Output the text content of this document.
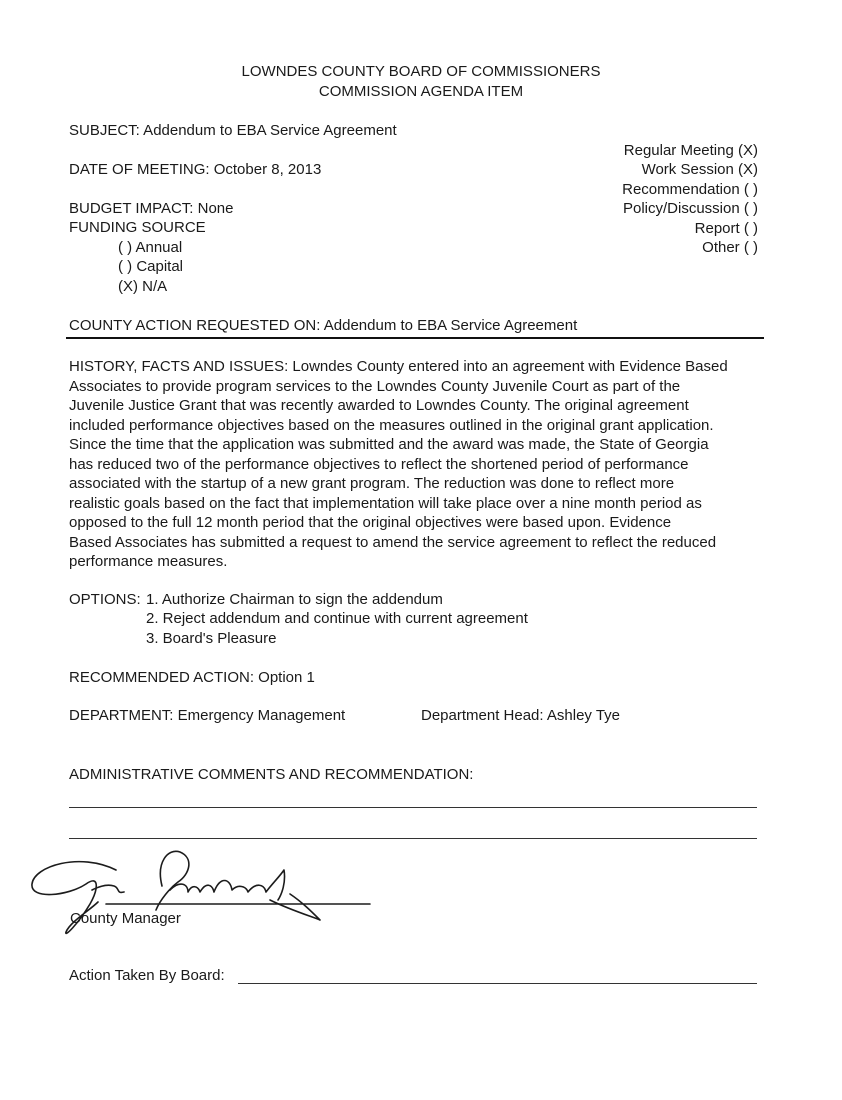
LOWNDES COUNTY BOARD OF COMMISSIONERS
COMMISSION AGENDA ITEM
SUBJECT: Addendum to EBA Service Agreement
DATE OF MEETING: October 8, 2013
BUDGET IMPACT: None
FUNDING SOURCE
( ) Annual
( ) Capital
(X) N/A
Regular Meeting (X)
Work Session (X)
Recommendation ( )
Policy/Discussion ( )
Report ( )
Other ( )
COUNTY ACTION REQUESTED ON: Addendum to EBA Service Agreement
HISTORY, FACTS AND ISSUES: Lowndes County entered into an agreement with Evidence Based
Associates to provide program services to the Lowndes County Juvenile Court as part of the
Juvenile Justice Grant that was recently awarded to Lowndes County. The original agreement
included performance objectives based on the measures outlined in the original grant application.
Since the time that the application was submitted and the award was made, the State of Georgia
has reduced two of the performance objectives to reflect the shortened period of performance
associated with the startup of a new grant program. The reduction was done to reflect more
realistic goals based on the fact that implementation will take place over a nine month period as
opposed to the full 12 month period that the original objectives were based upon. Evidence
Based Associates has submitted a request to amend the service agreement to reflect the reduced
performance measures.
OPTIONS: 1. Authorize Chairman to sign the addendum
2. Reject addendum and continue with current agreement
3. Board's Pleasure
RECOMMENDED ACTION: Option 1
DEPARTMENT: Emergency Management	Department Head: Ashley Tye
ADMINISTRATIVE COMMENTS AND RECOMMENDATION:
County Manager
Action Taken By Board:
